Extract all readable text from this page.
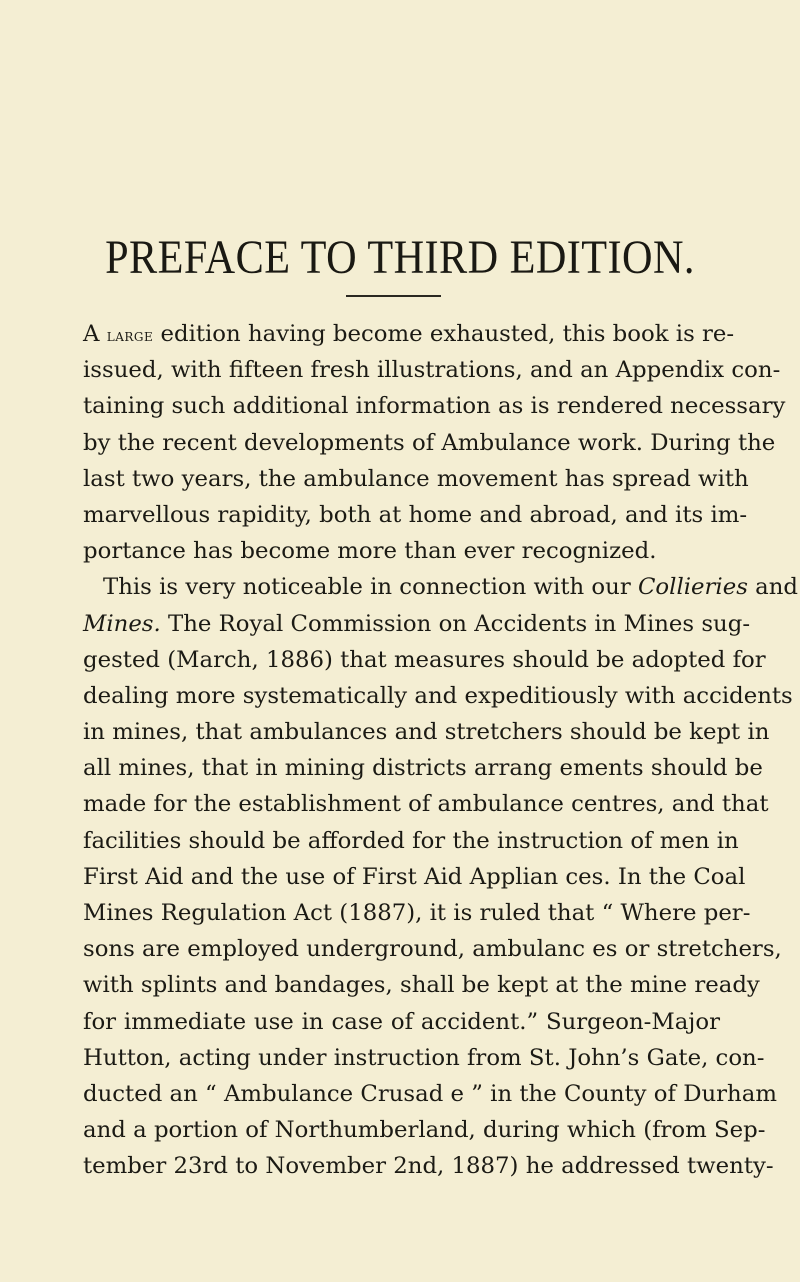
PREFACE TO THIRD EDITION.
A large edition having become exhausted, this book is re-
issued, with fifteen fresh illustrations, and an Appendix con-
taining such additional information as is rendered necessary
by the recent developments of Ambulance work. During the
last two years, the ambulance movement has spread with
marvellous rapidity, both at home and abroad, and its im-
portance has become more than ever recognized.
This is very noticeable in connection with our Collieries and
Mines. The Royal Commission on Accidents in Mines sug-
gested (March, 1886) that measures should be adopted for
dealing more systematically and expeditiously with accidents
in mines, that ambulances and stretchers should be kept in
all mines, that in mining districts arrang ements should be
made for the establishment of ambulance centres, and that
facilities should be afforded for the instruction of men in
First Aid and the use of First Aid Applian ces. In the Coal
Mines Regulation Act (1887), it is ruled that “ Where per-
sons are employed underground, ambulanc es or stretchers,
with splints and bandages, shall be kept at the mine ready
for immediate use in case of accident.” Surgeon-Major
Hutton, acting under instruction from St. John’s Gate, con-
ducted an “ Ambulance Crusad e ” in the County of Durham
and a portion of Northumberland, during which (from Sep-
tember 23rd to November 2nd, 1887) he addressed twenty-
